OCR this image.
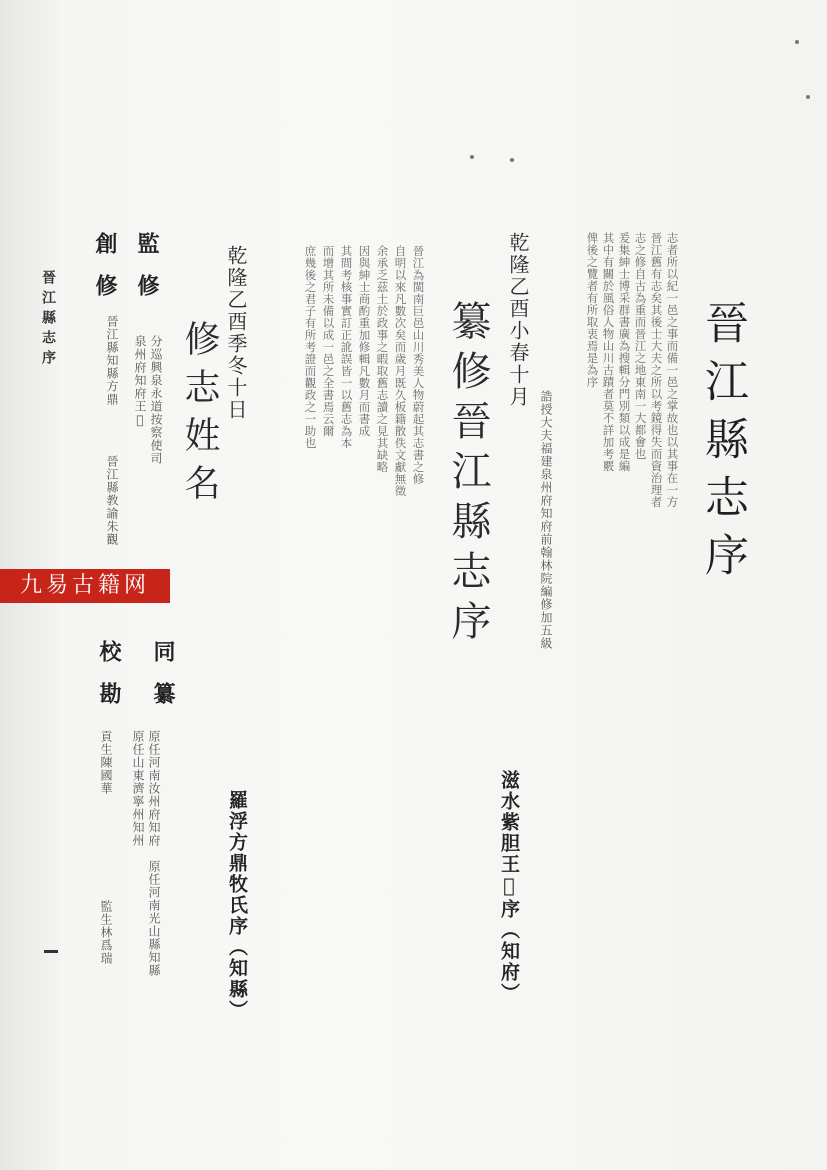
晉江縣志序
九易古籍网	晉江縣志序
志者所以紀一邑之事而備一邑之掌故也以其事在一方
晉江舊有志矣其後士大夫之所以考鏡得失而資治理者
志之修自古為重而晉江之地東南一大都會也
爰集紳士博采群書廣為搜輯分門別類以成是編
其中有關於風俗人物山川古蹟者莫不詳加考覈
俾後之覽者有所取衷焉是為序
誥授大夫福建泉州府知府前翰林院編修加五級
乾隆乙酉小春十月
滋水紫胆王𫌘序（知府）
纂修晉江縣志序
晉江為閩南巨邑山川秀美人物蔚起其志書之修
自明以來凡數次矣而歲月既久板籍散佚文獻無徵
余承乏茲土於政事之暇取舊志讀之見其缺略
因與紳士商酌重加修輯凡數月而書成
其間考核事實訂正訛誤皆一以舊志為本
而增其所未備以成一邑之全書焉云爾
庶幾後之君子有所考證而觀政之一助也
乾隆乙酉季冬十日
羅浮方鼎牧氏序（知縣）
修志姓名
監修
分巡興泉永道按察使司
泉州府知府王𫌘
創修
晉江縣知縣方鼎
晉江縣教諭朱觀
同纂
原任河南汝州府知府
原任山東濟寧州知州
原任河南光山縣知縣
校勘
貢生陳國華
監生林爲瑞
